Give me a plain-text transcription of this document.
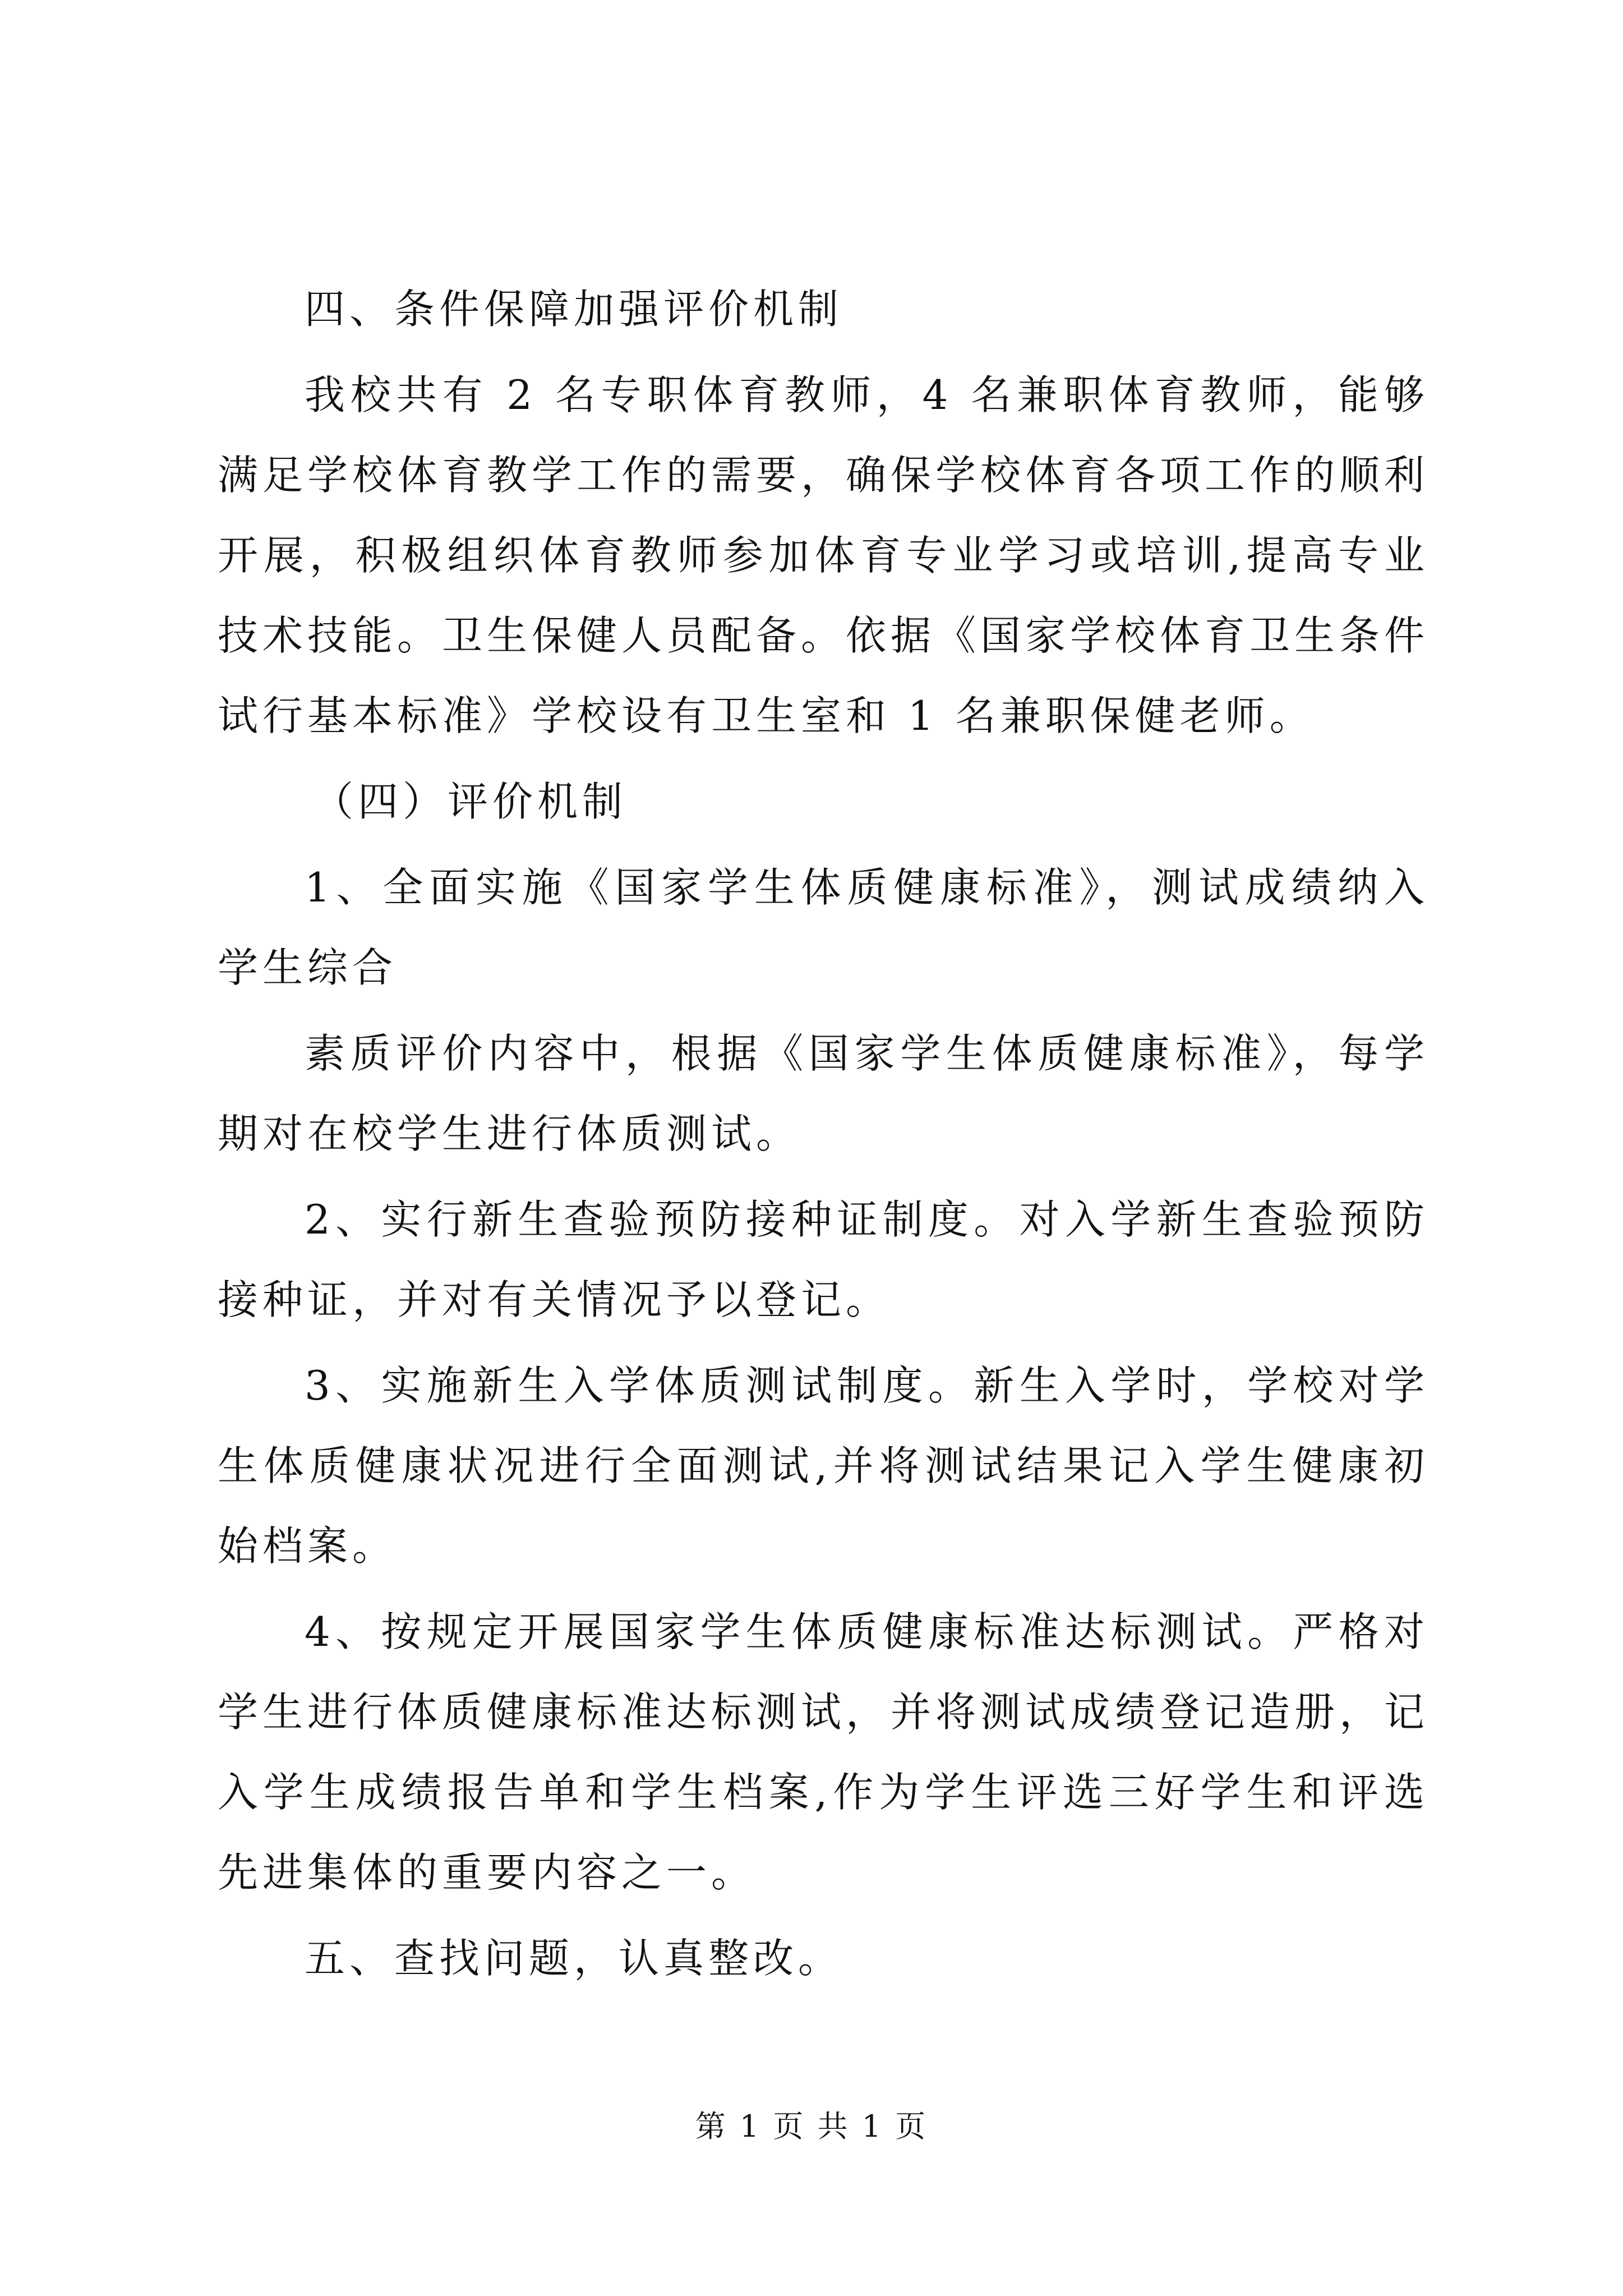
四、条件保障加强评价机制

我校共有 2 名专职体育教师，4 名兼职体育教师，能够满足学校体育教学工作的需要，确保学校体育各项工作的顺利开展，积极组织体育教师参加体育专业学习或培训,提高专业技术技能。卫生保健人员配备。依据《国家学校体育卫生条件试行基本标准》学校设有卫生室和 1 名兼职保健老师。

（四）评价机制

1、全面实施《国家学生体质健康标准》，测试成绩纳入学生综合

素质评价内容中，根据《国家学生体质健康标准》，每学期对在校学生进行体质测试。

2、实行新生查验预防接种证制度。对入学新生查验预防接种证，并对有关情况予以登记。

3、实施新生入学体质测试制度。新生入学时，学校对学生体质健康状况进行全面测试,并将测试结果记入学生健康初始档案。

4、按规定开展国家学生体质健康标准达标测试。严格对学生进行体质健康标准达标测试，并将测试成绩登记造册，记入学生成绩报告单和学生档案,作为学生评选三好学生和评选先进集体的重要内容之一。

五、查找问题，认真整改。

第 1 页 共 1 页
